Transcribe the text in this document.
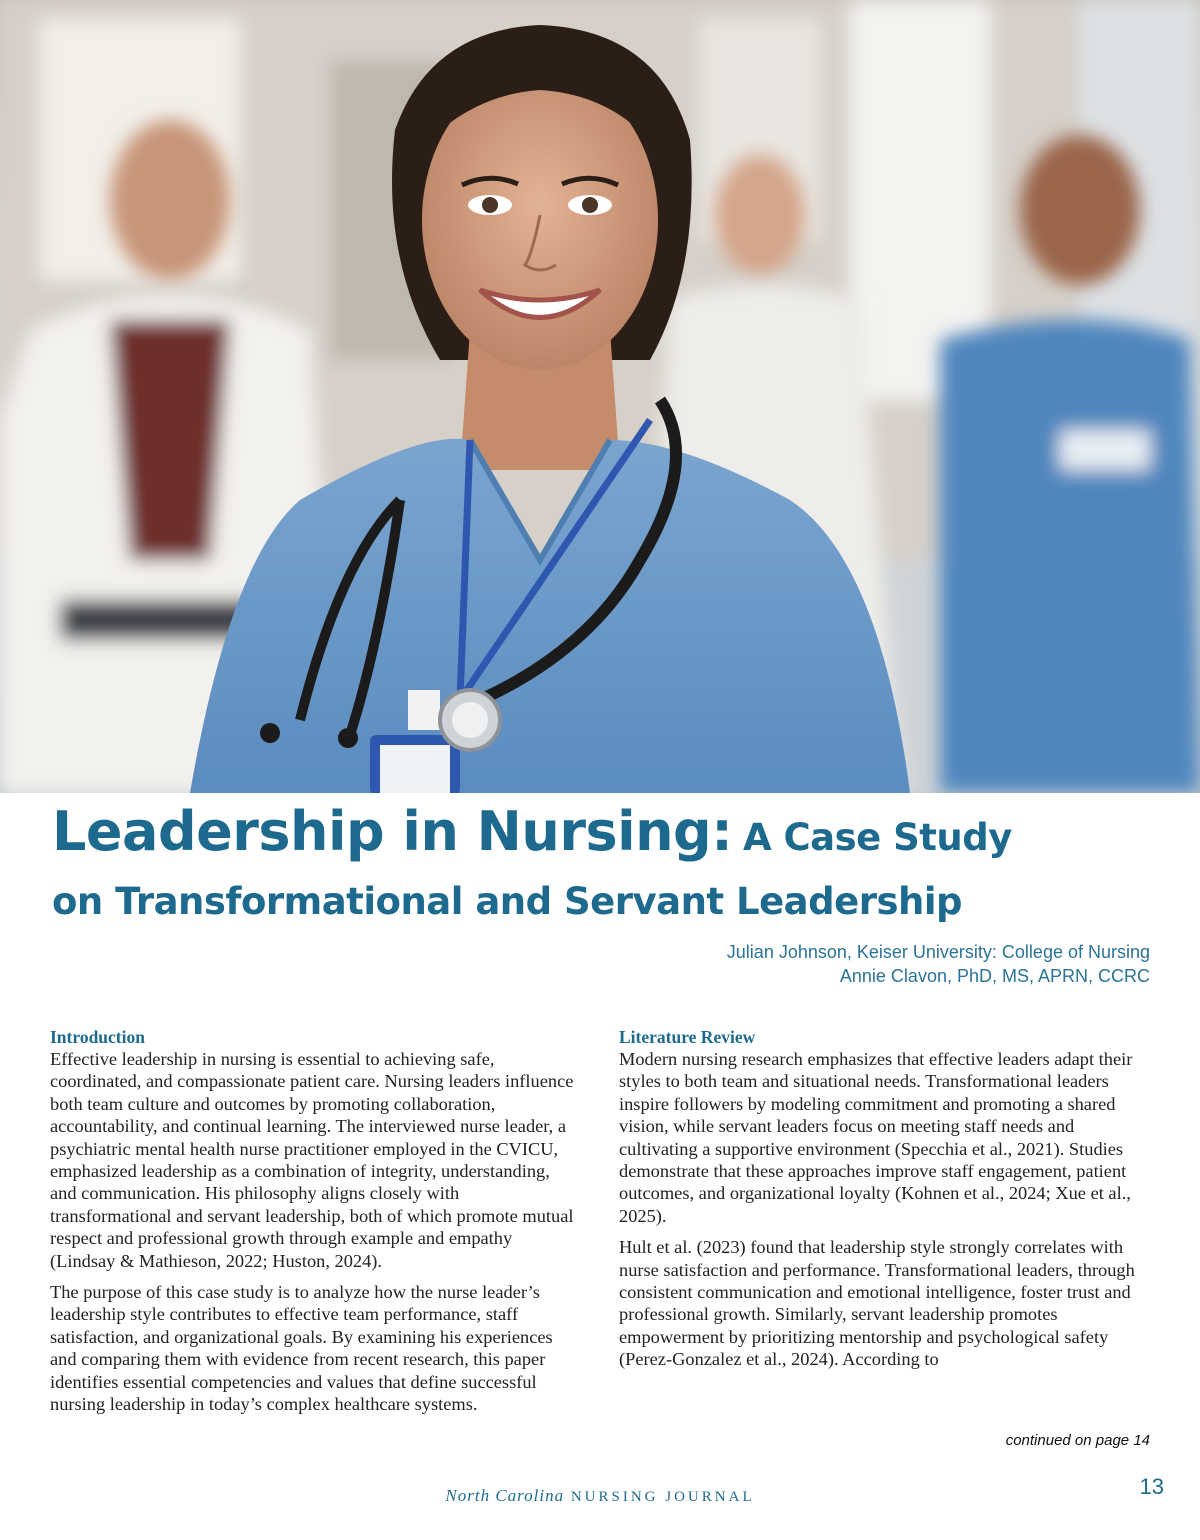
Leadership in Nursing: A Case Study
on Transformational and Servant Leadership
Julian Johnson, Keiser University: College of Nursing
Annie Clavon, PhD, MS, APRN, CCRC
Introduction

Effective leadership in nursing is essential to achieving safe, coordinated, and compassionate patient care. Nursing leaders influence both team culture and outcomes by promoting collaboration, accountability, and continual learning. The interviewed nurse leader, a psychiatric mental health nurse practitioner employed in the CVICU, emphasized leadership as a combination of integrity, understanding, and communication. His philosophy aligns closely with transformational and servant leadership, both of which promote mutual respect and professional growth through example and empathy (Lindsay & Mathieson, 2022; Huston, 2024).

The purpose of this case study is to analyze how the nurse leader’s leadership style contributes to effective team performance, staff satisfaction, and organizational goals. By examining his experiences and comparing them with evidence from recent research, this paper identifies essential competencies and values that define successful nursing leadership in today’s complex healthcare systems.

Literature Review

Modern nursing research emphasizes that effective leaders adapt their styles to both team and situational needs. Transformational leaders inspire followers by modeling commitment and promoting a shared vision, while servant leaders focus on meeting staff needs and cultivating a supportive environment (Specchia et al., 2021). Studies demonstrate that these approaches improve staff engagement, patient outcomes, and organizational loyalty (Kohnen et al., 2024; Xue et al., 2025).

Hult et al. (2023) found that leadership style strongly correlates with nurse satisfaction and performance. Transformational leaders, through consistent communication and emotional intelligence, foster trust and professional growth. Similarly, servant leadership promotes empowerment by prioritizing mentorship and psychological safety (Perez-Gonzalez et al., 2024). According to

continued on page 14
North Carolina NURSING JOURNAL	13
